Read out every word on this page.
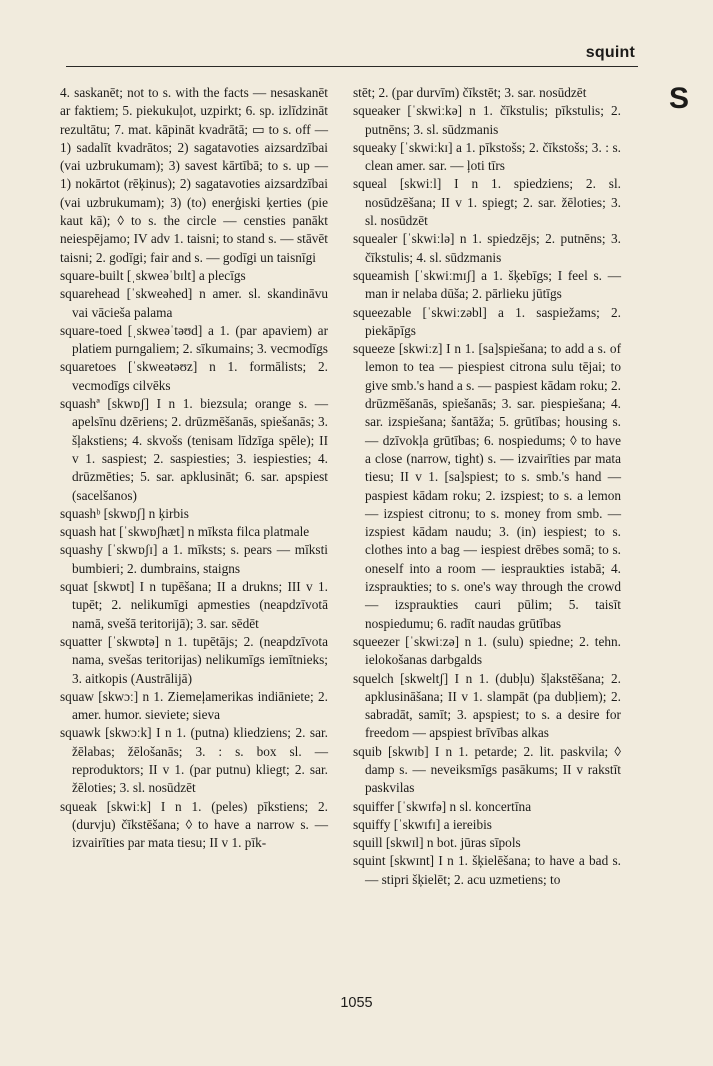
squint
S

4. saskanēt; not to s. with the facts — nesaskanēt ar faktiem; 5. piekukuļot, uzpirkt; 6. sp. izlīdzināt rezultātu; 7. mat. kāpināt kvadrātā; ▭ to s. off — 1) sadalīt kvadrātos; 2) sagatavoties aizsardzībai (vai uzbrukumam); 3) savest kārtībā; to s. up — 1) nokārtot (rēķinus); 2) sagatavoties aizsardzībai (vai uzbrukumam); 3) (to) enerģiski ķerties (pie kaut kā); ◊ to s. the circle — censties panākt neiespējamo; IV adv 1. taisni; to stand s. — stāvēt taisni; 2. godīgi; fair and s. — godīgi un taisnīgi

square-built [ˌskweəˈbɪlt] a plecīgs

squarehead [ˈskweəhed] n amer. sl. skandināvu vai vācieša palama

square-toed [ˌskweəˈtəʊd] a 1. (par apaviem) ar platiem purngaliem; 2. sīkumains; 3. vecmodīgs

squaretoes [ˈskweətəʊz] n 1. formālists; 2. vecmodīgs cilvēks

squashª [skwɒʃ] I n 1. biezsula; orange s. — apelsīnu dzēriens; 2. drūzmēšanās, spiešanās; 3. šļakstiens; 4. skvošs (tenisam līdzīga spēle); II v 1. saspiest; 2. saspiesties; 3. iespiesties; 4. drūzmēties; 5. sar. apklusināt; 6. sar. apspiest (sacelšanos)

squashᵇ [skwɒʃ] n ķirbis

squash hat [ˈskwɒʃhæt] n mīksta filca platmale

squashy [ˈskwɒʃɪ] a 1. mīksts; s. pears — mīksti bumbieri; 2. dumbrains, staigns

squat [skwɒt] I n tupēšana; II a drukns; III v 1. tupēt; 2. nelikumīgi apmesties (neapdzīvotā namā, svešā teritorijā); 3. sar. sēdēt

squatter [ˈskwɒtə] n 1. tupētājs; 2. (neapdzīvota nama, svešas teritorijas) nelikumīgs iemītnieks; 3. aitkopis (Austrālijā)

squaw [skwɔː] n 1. Ziemeļamerikas indiāniete; 2. amer. humor. sieviete; sieva

squawk [skwɔːk] I n 1. (putna) kliedziens; 2. sar. žēlabas; žēlošanās; 3. : s. box sl. — reproduktors; II v 1. (par putnu) kliegt; 2. sar. žēloties; 3. sl. nosūdzēt

squeak [skwiːk] I n 1. (peles) pīkstiens; 2. (durvju) čīkstēšana; ◊ to have a narrow s. — izvairīties par mata tiesu; II v 1. pīk-

stēt; 2. (par durvīm) čīkstēt; 3. sar. nosūdzēt

squeaker [ˈskwiːkə] n 1. čīkstulis; pīkstulis; 2. putnēns; 3. sl. sūdzmanis

squeaky [ˈskwiːkɪ] a 1. pīkstošs; 2. čīkstošs; 3. : s. clean amer. sar. — ļoti tīrs

squeal [skwiːl] I n 1. spiedziens; 2. sl. nosūdzēšana; II v 1. spiegt; 2. sar. žēloties; 3. sl. nosūdzēt

squealer [ˈskwiːlə] n 1. spiedzējs; 2. putnēns; 3. čīkstulis; 4. sl. sūdzmanis

squeamish [ˈskwiːmɪʃ] a 1. šķebīgs; I feel s. — man ir nelaba dūša; 2. pārlieku jūtīgs

squeezable [ˈskwiːzəbl] a 1. saspiežams; 2. piekāpīgs

squeeze [skwiːz] I n 1. [sa]spiešana; to add a s. of lemon to tea — piespiest citrona sulu tējai; to give smb.'s hand a s. — paspiest kādam roku; 2. drūzmēšanās, spiešanās; 3. sar. piespiešana; 4. sar. izspiešana; šantāža; 5. grūtības; housing s. — dzīvokļa grūtības; 6. nospiedums; ◊ to have a close (narrow, tight) s. — izvairīties par mata tiesu; II v 1. [sa]spiest; to s. smb.'s hand — paspiest kādam roku; 2. izspiest; to s. a lemon — izspiest citronu; to s. money from smb. — izspiest kādam naudu; 3. (in) iespiest; to s. clothes into a bag — iespiest drēbes somā; to s. oneself into a room — iespraukties istabā; 4. izspraukties; to s. one's way through the crowd — izspraukties cauri pūlim; 5. taisīt nospiedumu; 6. radīt naudas grūtības

squeezer [ˈskwiːzə] n 1. (sulu) spiedne; 2. tehn. ielokošanas darbgalds

squelch [skweltʃ] I n 1. (dubļu) šļakstēšana; 2. apklusināšana; II v 1. slampāt (pa dubļiem); 2. sabradāt, samīt; 3. apspiest; to s. a desire for freedom — apspiest brīvības alkas

squib [skwɪb] I n 1. petarde; 2. lit. paskvila; ◊ damp s. — neveiksmīgs pasākums; II v rakstīt paskvilas

squiffer [ˈskwɪfə] n sl. koncertīna

squiffy [ˈskwɪfɪ] a iereibis

squill [skwɪl] n bot. jūras sīpols

squint [skwɪnt] I n 1. šķielēšana; to have a bad s. — stipri šķielēt; 2. acu uzmetiens; to

1055
